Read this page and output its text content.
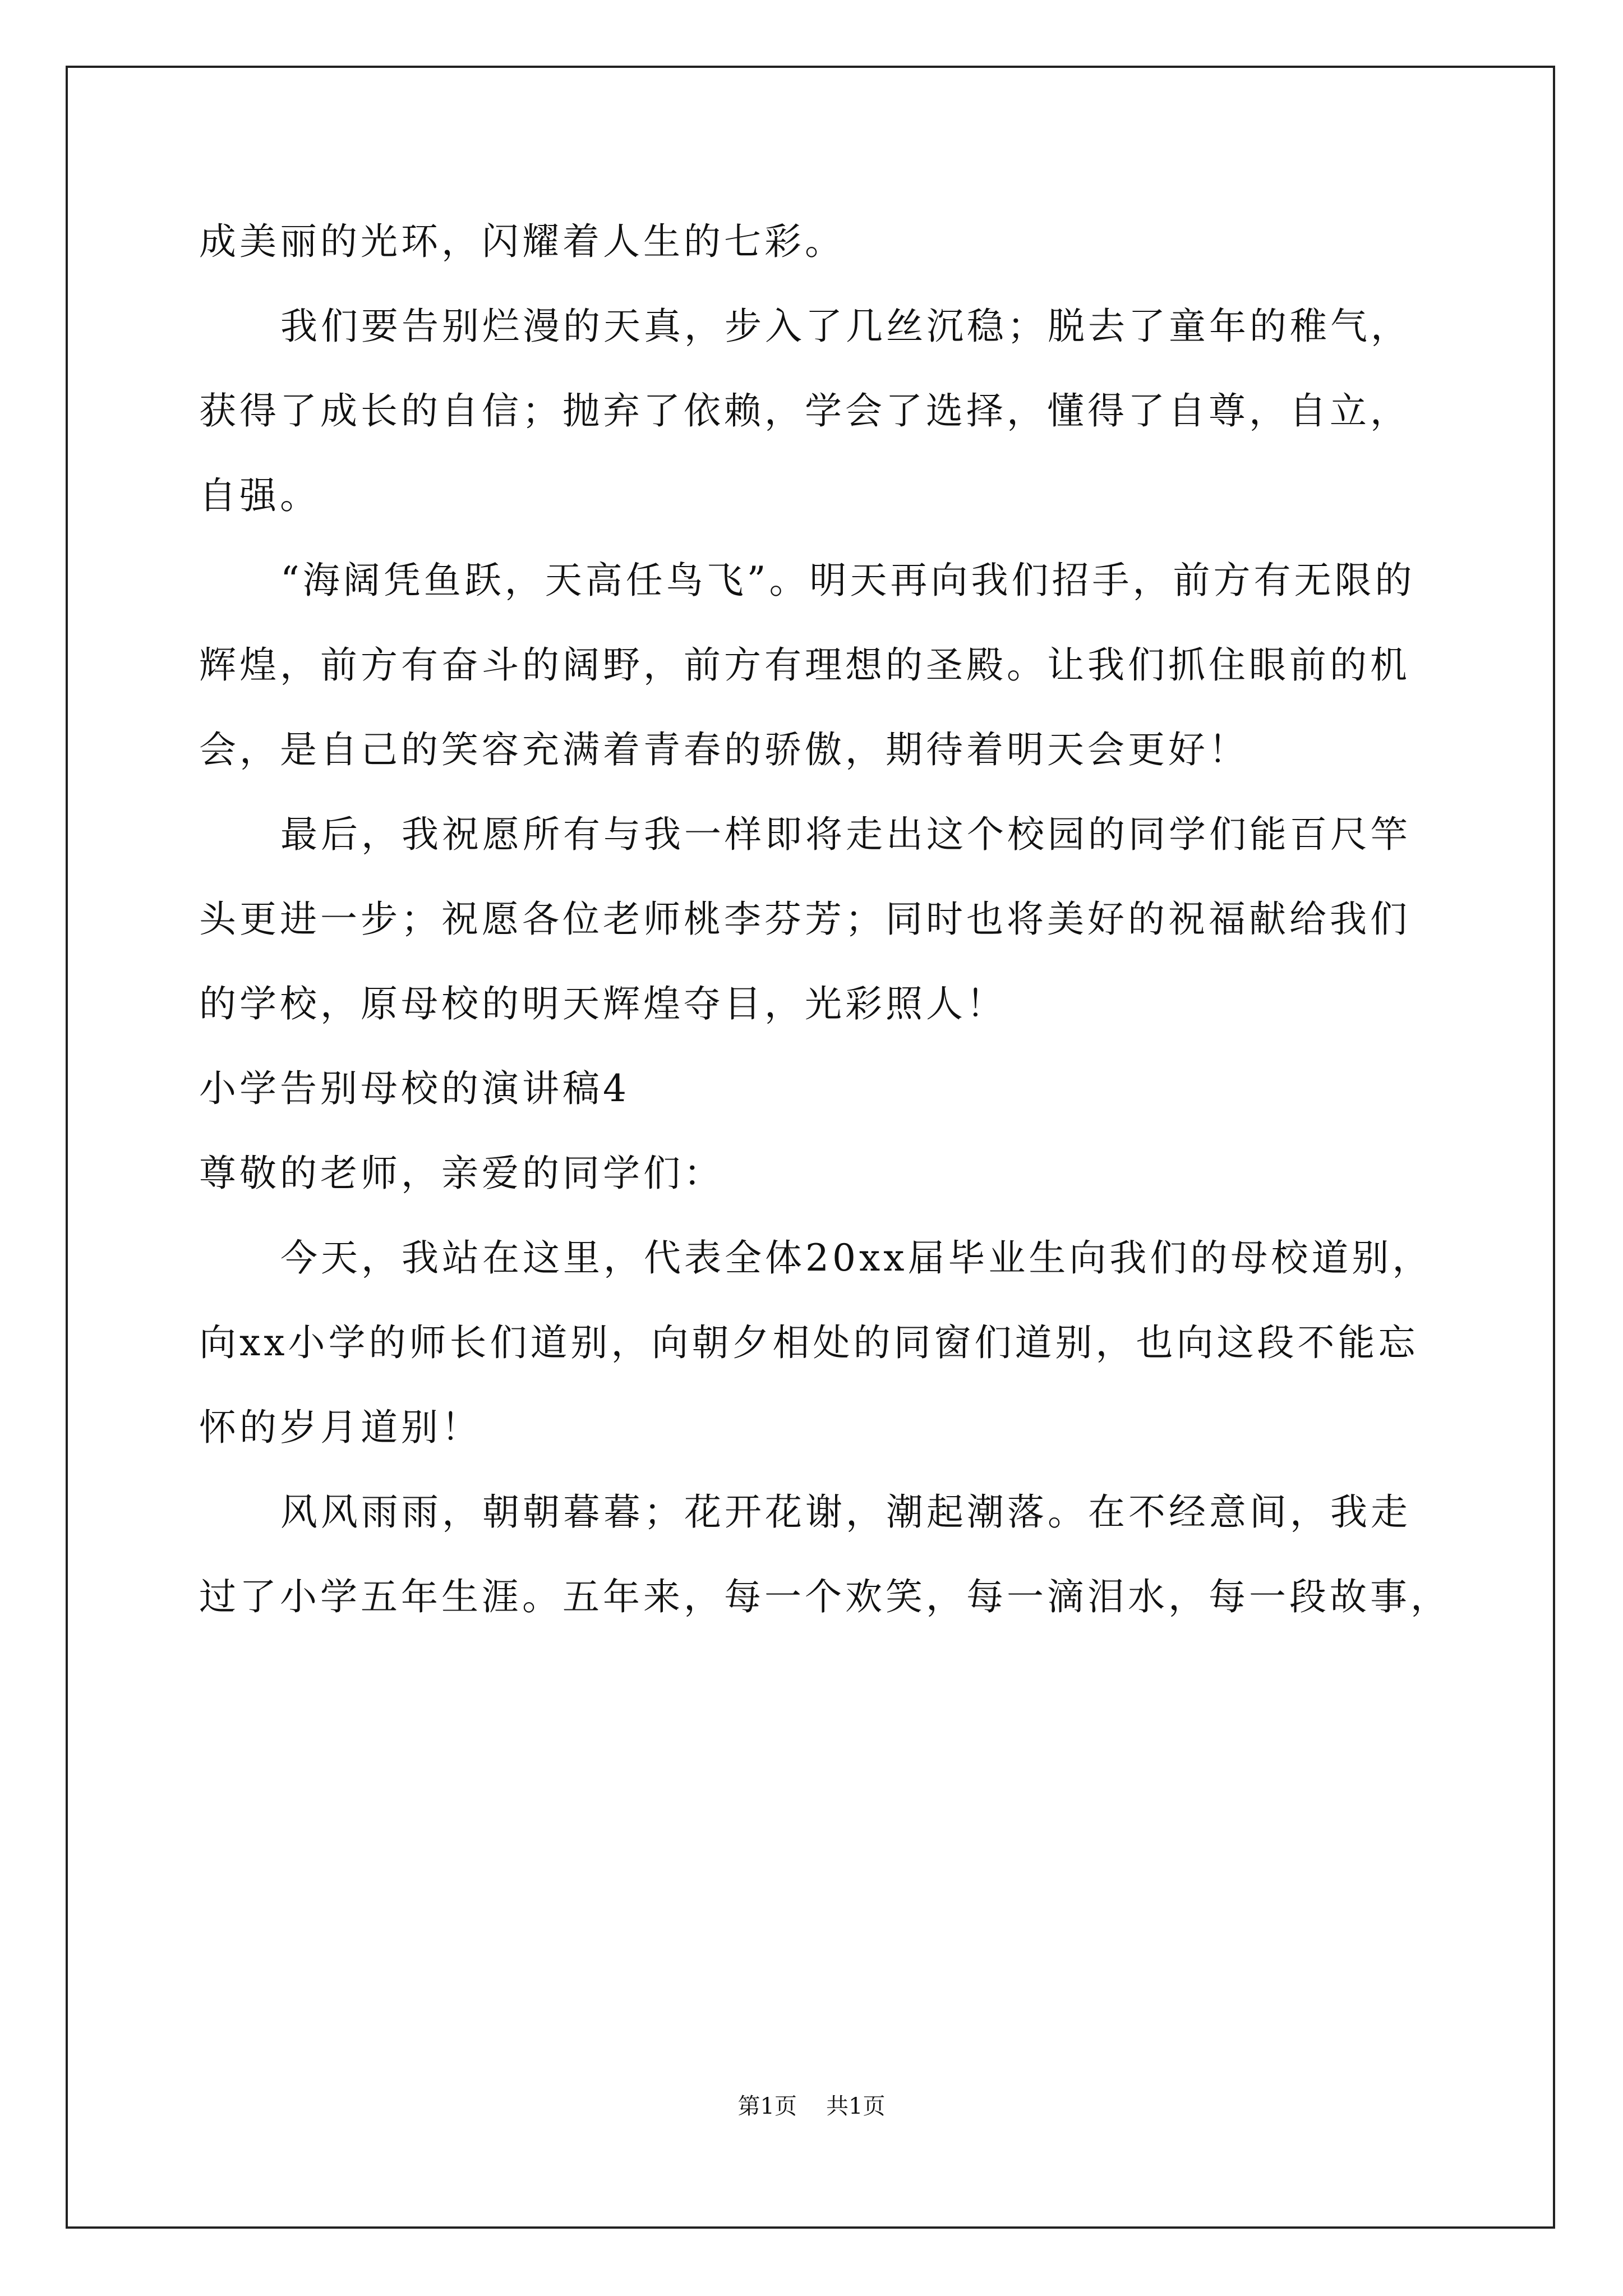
成美丽的光环，闪耀着人生的七彩。
我们要告别烂漫的天真，步入了几丝沉稳；脱去了童年的稚气，
获得了成长的自信；抛弃了依赖，学会了选择，懂得了自尊，自立，
自强。
“海阔凭鱼跃，天高任鸟飞”。明天再向我们招手，前方有无限的
辉煌，前方有奋斗的阔野，前方有理想的圣殿。让我们抓住眼前的机
会，是自己的笑容充满着青春的骄傲，期待着明天会更好！
最后，我祝愿所有与我一样即将走出这个校园的同学们能百尺竿
头更进一步；祝愿各位老师桃李芬芳；同时也将美好的祝福献给我们
的学校，原母校的明天辉煌夺目，光彩照人！
小学告别母校的演讲稿4
尊敬的老师，亲爱的同学们：
今天，我站在这里，代表全体20xx届毕业生向我们的母校道别，
向xx小学的师长们道别，向朝夕相处的同窗们道别，也向这段不能忘
怀的岁月道别！
风风雨雨，朝朝暮暮；花开花谢，潮起潮落。在不经意间，我走
过了小学五年生涯。五年来，每一个欢笑，每一滴泪水，每一段故事，
第1页 共1页
